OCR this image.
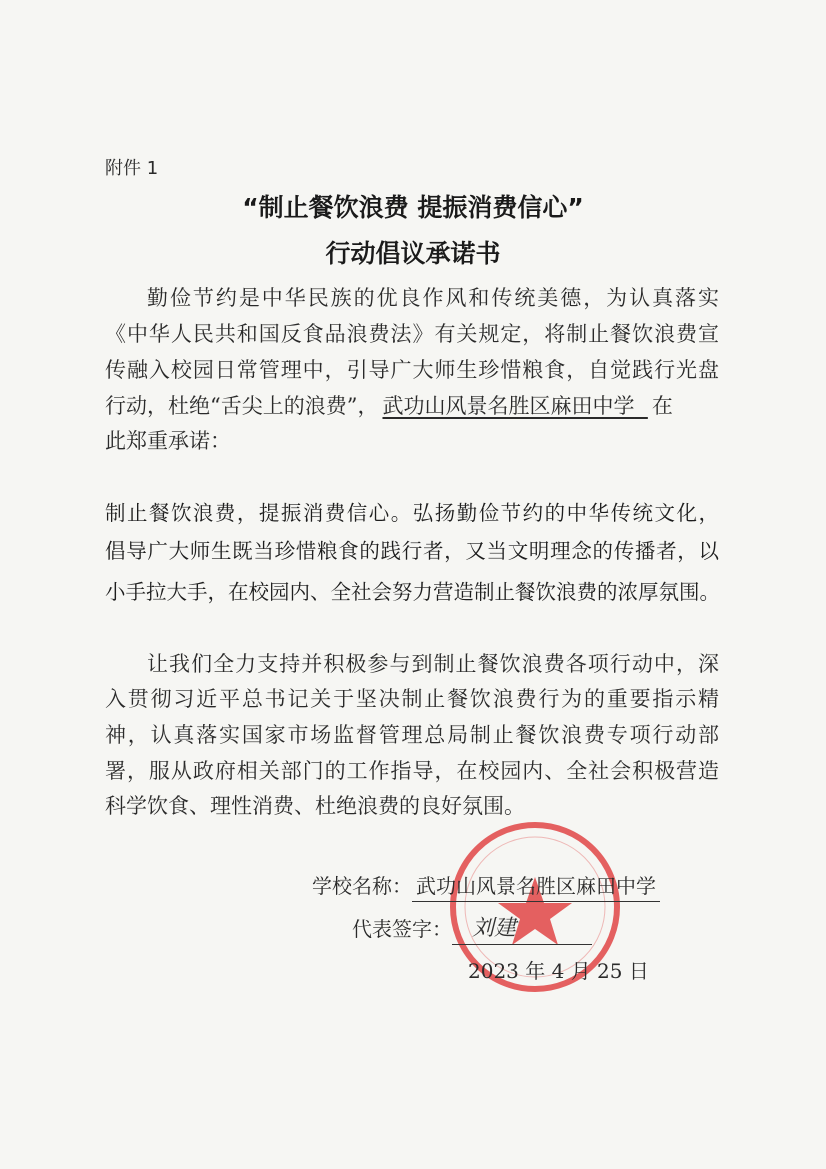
附件 1
“制止餐饮浪费 提振消费信心”
行动倡议承诺书
勤俭节约是中华民族的优良作风和传统美德，为认真落实
《中华人民共和国反食品浪费法》有关规定，将制止餐饮浪费宣
传融入校园日常管理中，引导广大师生珍惜粮食，自觉践行光盘
行动，杜绝“舌尖上的浪费”， 武功山风景名胜区麻田中学 在
此郑重承诺：
制止餐饮浪费，提振消费信心。弘扬勤俭节约的中华传统文化，
倡导广大师生既当珍惜粮食的践行者，又当文明理念的传播者，以
小手拉大手，在校园内、全社会努力营造制止餐饮浪费的浓厚氛围。
让我们全力支持并积极参与到制止餐饮浪费各项行动中，深
入贯彻习近平总书记关于坚决制止餐饮浪费行为的重要指示精
神，认真落实国家市场监督管理总局制止餐饮浪费专项行动部
署，服从政府相关部门的工作指导，在校园内、全社会积极营造
科学饮食、理性消费、杜绝浪费的良好氛围。
学校名称： 武功山风景名胜区麻田中学
代表签字： 刘建
2023 年 4 月 25 日
